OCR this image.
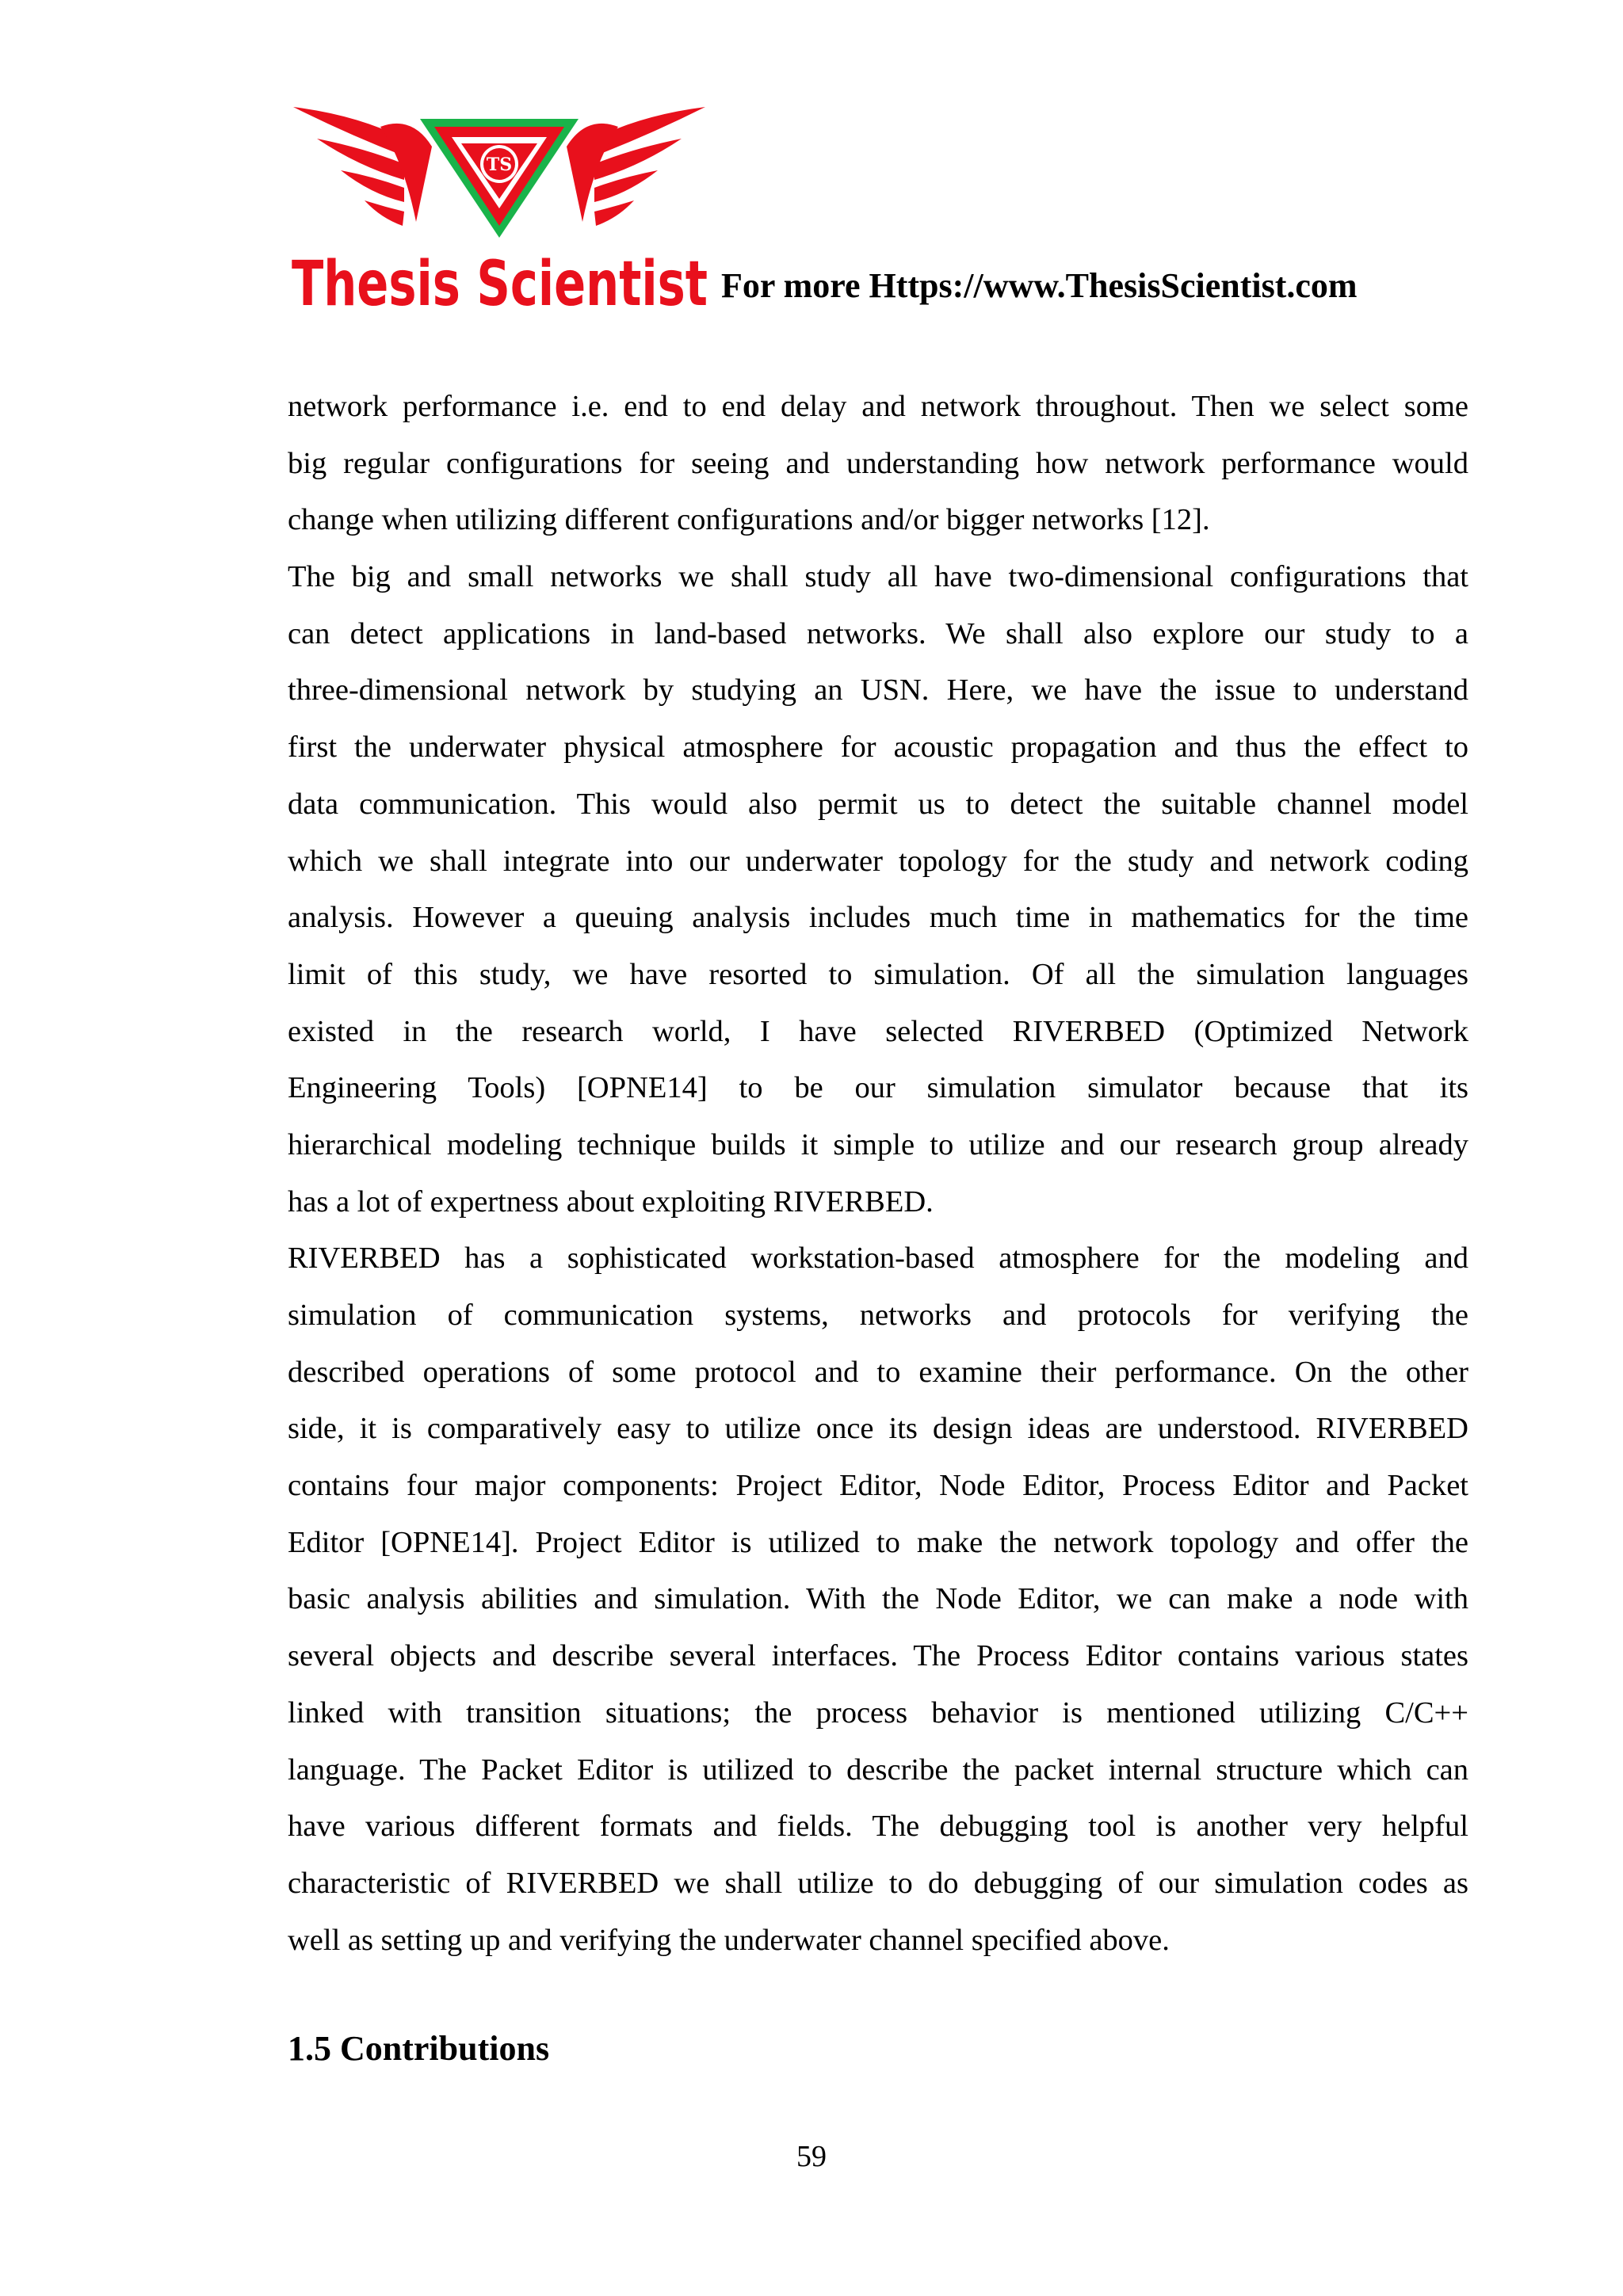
TS
Thesis Scientist For more Https://www.ThesisScientist.com
network performance i.e. end to end delay and network throughout. Then we select some
big regular configurations for seeing and understanding how network performance would
change when utilizing different configurations and/or bigger networks [12].
The big and small networks we shall study all have two-dimensional configurations that
can detect applications in land-based networks. We shall also explore our study to a
three-dimensional network by studying an USN. Here, we have the issue to understand
first the underwater physical atmosphere for acoustic propagation and thus the effect to
data communication. This would also permit us to detect the suitable channel model
which we shall integrate into our underwater topology for the study and network coding
analysis. However a queuing analysis includes much time in mathematics for the time
limit of this study, we have resorted to simulation. Of all the simulation languages
existed in the research world, I have selected RIVERBED (Optimized Network
Engineering Tools) [OPNE14] to be our simulation simulator because that its
hierarchical modeling technique builds it simple to utilize and our research group already
has a lot of expertness about exploiting RIVERBED.
RIVERBED has a sophisticated workstation-based atmosphere for the modeling and
simulation of communication systems, networks and protocols for verifying the
described operations of some protocol and to examine their performance. On the other
side, it is comparatively easy to utilize once its design ideas are understood. RIVERBED
contains four major components: Project Editor, Node Editor, Process Editor and Packet
Editor [OPNE14]. Project Editor is utilized to make the network topology and offer the
basic analysis abilities and simulation. With the Node Editor, we can make a node with
several objects and describe several interfaces. The Process Editor contains various states
linked with transition situations; the process behavior is mentioned utilizing C/C++
language. The Packet Editor is utilized to describe the packet internal structure which can
have various different formats and fields. The debugging tool is another very helpful
characteristic of RIVERBED we shall utilize to do debugging of our simulation codes as
well as setting up and verifying the underwater channel specified above.
1.5 Contributions
59
